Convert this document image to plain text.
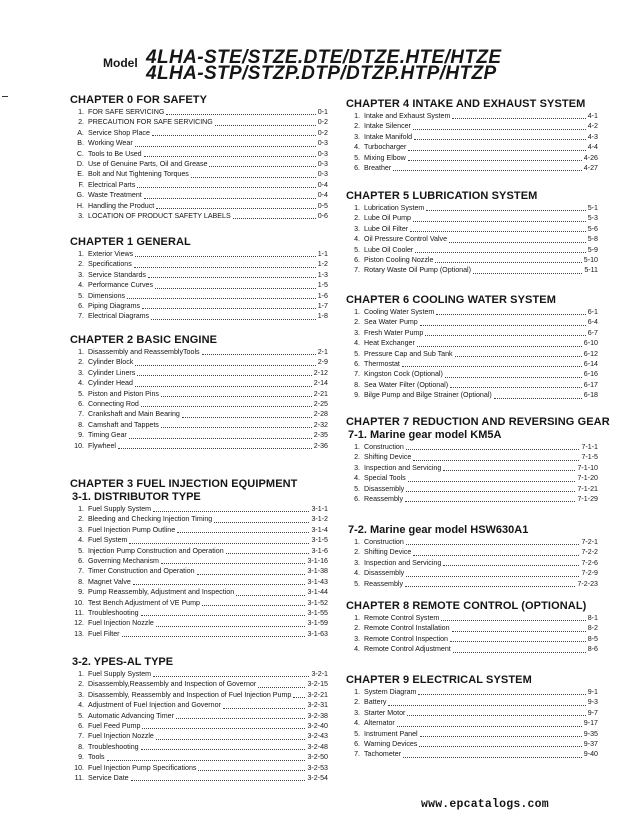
Model 4LHA-STE/STZE.DTE/DTZE.HTE/HTZE
4LHA-STP/STZP.DTP/DTZP.HTP/HTZP
CHAPTER 0 FOR SAFETY
1. FOR SAFE SERVICING	0-1
2. PRECAUTION FOR SAFE SERVICING	0-2
A. Service Shop Place	0-2
B. Working Wear	0-3
C. Tools to Be Used	0-3
D. Use of Genuine Parts, Oil and Grease	0-3
E. Bolt and Nut Tightening Torques	0-3
F. Electrical Parts	0-4
G. Waste Treatment	0-4
H. Handling the Product	0-5
3. LOCATION OF PRODUCT SAFETY LABELS	0-6
CHAPTER 1 GENERAL
1. Exterior Views	1-1
2. Specifications	1-2
3. Service Standards	1-3
4. Performance Curves	1-5
5. Dimensions	1-6
6. Piping Diagrams	1-7
7. Electrical Diagrams	1-8
CHAPTER 2 BASIC ENGINE
1. Disassembly and ReassemblyTools	2-1
2. Cylinder Block	2-9
3. Cylinder Liners	2-12
4. Cylinder Head	2-14
5. Piston and Piston Pins	2-21
6. Connecting Rod	2-25
7. Crankshaft and Main Bearing	2-28
8. Camshaft and Tappets	2-32
9. Timing Gear	2-35
10. Flywheel	2-36
CHAPTER 3 FUEL INJECTION EQUIPMENT
3-1. DISTRIBUTOR TYPE
1. Fuel Supply System	3-1-1
2. Bleeding and Checking Injection Timing	3-1-2
3. Fuel Injection Pump Outline	3-1-4
4. Fuel System	3-1-5
5. Injection Pump Construction and Operation	3-1-6
6. Governing Mechanism	3-1-16
7. Timer Construction and Operation	3-1-38
8. Magnet Valve	3-1-43
9. Pump Reassembly, Adjustment and Inspection	3-1-44
10. Test Bench Adjustment of VE Pump	3-1-52
11. Troubleshooting	3-1-55
12. Fuel Injection Nozzle	3-1-59
13. Fuel Filter	3-1-63
3-2. YPES-AL TYPE
1. Fuel Supply System	3-2-1
2. Disassembly,Reassembly and Inspection of Governor	3-2-15
3. Disassembly, Reassembly and Inspection of Fuel Injection Pump 3-2-21
4. Adjustment of Fuel Injection and Governor	3-2-31
5. Automatic Advancing Timer	3-2-38
6. Fuel Feed Pump	3-2-40
7. Fuel Injection Nozzle	3-2-43
8. Troubleshooting	3-2-48
9. Tools	3-2-50
10. Fuel Injection Pump Specifications	3-2-53
11. Service Date	3-2-54
CHAPTER 4 INTAKE AND EXHAUST SYSTEM
1. Intake and Exhaust System	4-1
2. Intake Silencer	4-2
3. Intake Manifold	4-3
4. Turbocharger	4-4
5. Mixing Elbow	4-26
6. Breather	4-27
CHAPTER 5 LUBRICATION SYSTEM
1. Lubrication System	5-1
2. Lube Oil Pump	5-3
3. Lube Oil Filter	5-6
4. Oil Pressure Control Valve	5-8
5. Lube Oil Cooler	5-9
6. Piston Cooling Nozzle	5-10
7. Rotary Waste Oil Pump (Optional)	5-11
CHAPTER 6 COOLING WATER SYSTEM
1. Cooling Water System	6-1
2. Sea Water Pump	6-4
3. Fresh Water Pump	6-7
4. Heat Exchanger	6-10
5. Pressure Cap and Sub Tank	6-12
6. Thermostat	6-14
7. Kingston Cock (Optional)	6-16
8. Sea Water Filter (Optional)	6-17
9. Bilge Pump and Bilge Strainer (Optional)	6-18
CHAPTER 7 REDUCTION AND REVERSING GEAR
7-1. Marine gear model KM5A
1. Construction	7-1-1
2. Shifting Device	7-1-5
3. Inspection and Servicing	7-1-10
4. Special Tools	7-1-20
5. Disassembly	7-1-21
6. Reassembly	7-1-29
7-2. Marine gear model HSW630A1
1. Construction	7-2-1
2. Shifting Device	7-2-2
3. Inspection and Servicing	7-2-6
4. Disassembly	7-2-9
5. Reassembly	7-2-23
CHAPTER 8 REMOTE CONTROL (OPTIONAL)
1. Remote Control System	8-1
2. Remote Control Installation	8-2
3. Remote Control Inspection	8-5
4. Remote Control Adjustment	8-6
CHAPTER 9 ELECTRICAL SYSTEM
1. System Diagram	9-1
2. Battery	9-3
3. Starter Motor	9-7
4. Alternator	9-17
5. Instrument Panel	9-35
6. Warning Devices	9-37
7. Tachometer	9-40
www.epcatalogs.com
